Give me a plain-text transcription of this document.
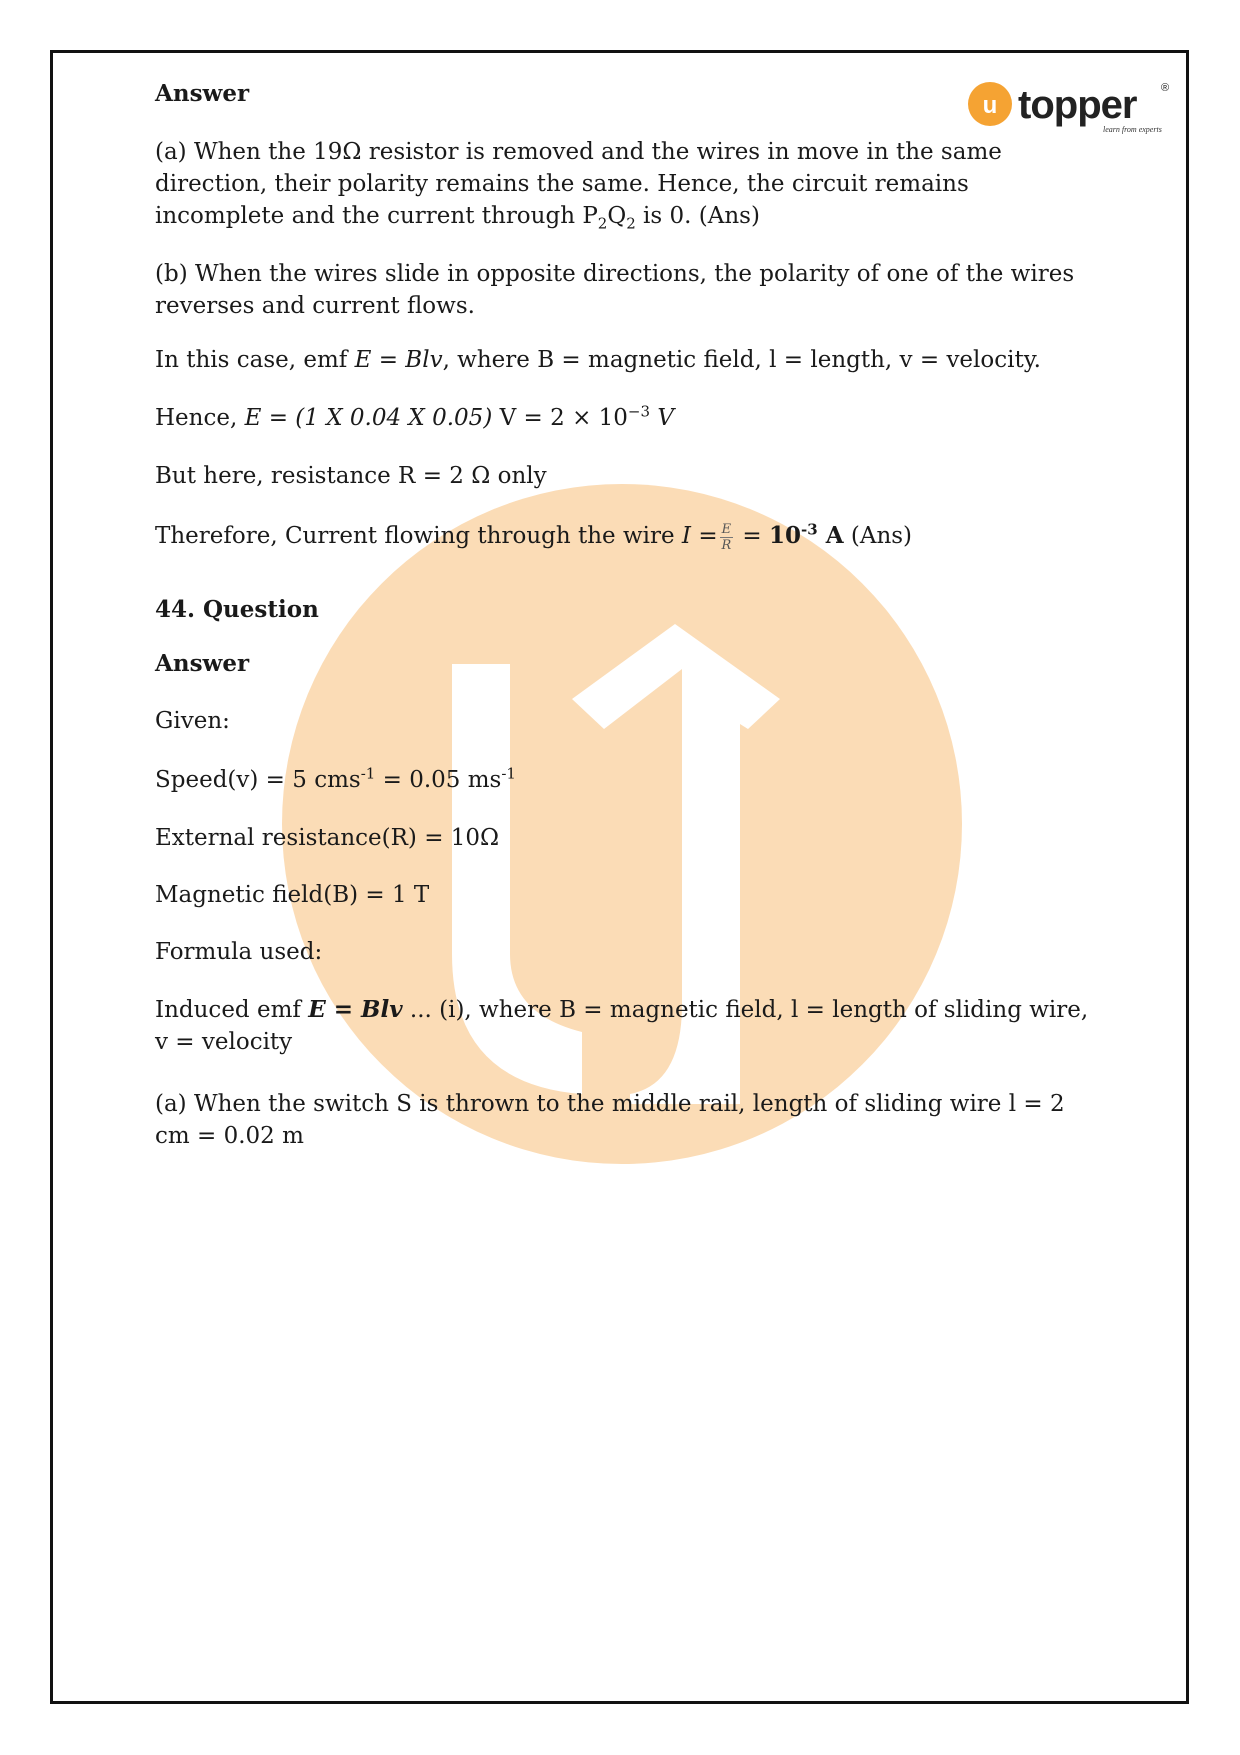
u topper ®
learn from experts

Answer

(a) When the 19Ω resistor is removed and the wires in move in the same direction, their polarity remains the same. Hence, the circuit remains incomplete and the current through $P_2Q_2$ is 0. (Ans)

(b) When the wires slide in opposite directions, the polarity of one of the wires reverses and current flows.

In this case, emf E = Blv, where B = magnetic field, l = length, v = velocity.

Hence, E = (1 X 0.04 X 0.05) $V = 2 \times 10^{-3}$ V

But here, resistance R = 2 Ω only

Therefore, Current flowing through the wire $I = \frac{E}{R} = 10^{-3}$ A (Ans)

44. Question

Answer

Given:

Speed(v) = 5 cms$^{-1}$ = 0.05 $ms^{-1}$

External resistance(R) = 10Ω

Magnetic field(B) = 1 T

Formula used:

Induced emf E = Blv ... (i), where B = magnetic field, l = length of sliding wire, v = velocity

(a) When the switch S is thrown to the middle rail, length of sliding wire l = 2 cm = 0.02 m
